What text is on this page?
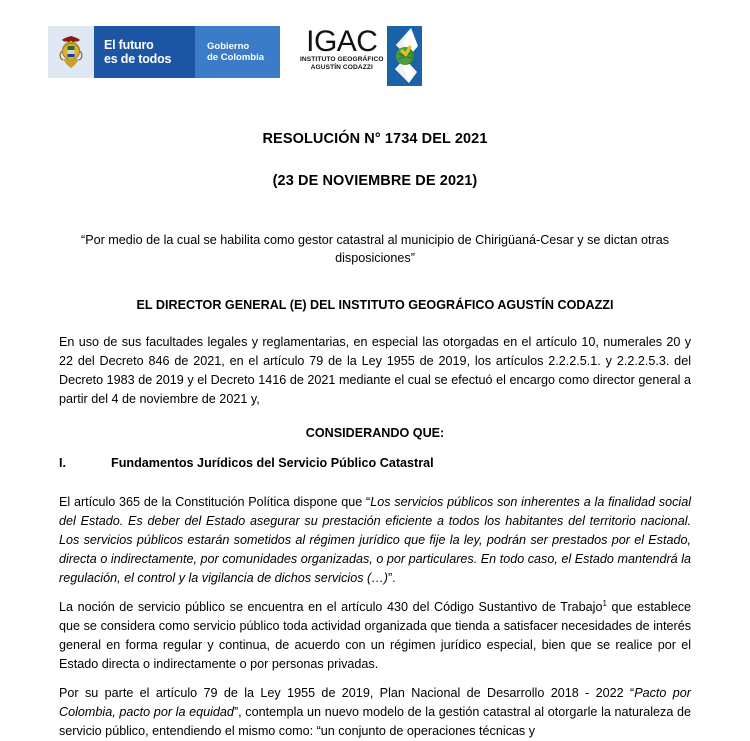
El futuro
es de todos
Gobierno
de Colombia IGAC
INSTITUTO GEOGRÁFICO
AGUSTÍN CODAZZI
RESOLUCIÓN N° 1734 DEL 2021
(23 DE NOVIEMBRE DE 2021)
“Por medio de la cual se habilita como gestor catastral al municipio de Chirigüaná-Cesar y se dictan otras disposiciones”
EL DIRECTOR GENERAL (E) DEL INSTITUTO GEOGRÁFICO AGUSTÍN CODAZZI
En uso de sus facultades legales y reglamentarias, en especial las otorgadas en el artículo 10, numerales 20 y 22 del Decreto 846 de 2021, en el artículo 79 de la Ley 1955 de 2019, los artículos 2.2.2.5.1. y 2.2.2.5.3. del Decreto 1983 de 2019 y el Decreto 1416 de 2021 mediante el cual se efectuó el encargo como director general a partir del 4 de noviembre de 2021 y,
CONSIDERANDO QUE:
I.	Fundamentos Jurídicos del Servicio Público Catastral
El artículo 365 de la Constitución Política dispone que “Los servicios públicos son inherentes a la finalidad social del Estado. Es deber del Estado asegurar su prestación eficiente a todos los habitantes del territorio nacional. Los servicios públicos estarán sometidos al régimen jurídico que fije la ley, podrán ser prestados por el Estado, directa o indirectamente, por comunidades organizadas, o por particulares. En todo caso, el Estado mantendrá la regulación, el control y la vigilancia de dichos servicios (…)”.
La noción de servicio público se encuentra en el artículo 430 del Código Sustantivo de Trabajo$^1$ que establece que se considera como servicio público toda actividad organizada que tienda a satisfacer necesidades de interés general en forma regular y continua, de acuerdo con un régimen jurídico especial, bien que se realice por el Estado directa o indirectamente o por personas privadas.
Por su parte el artículo 79 de la Ley 1955 de 2019, Plan Nacional de Desarrollo 2018 - 2022 “Pacto por Colombia, pacto por la equidad”, contempla un nuevo modelo de la gestión catastral al otorgarle la naturaleza de servicio público, entendiendo el mismo como: “un conjunto de operaciones técnicas y
